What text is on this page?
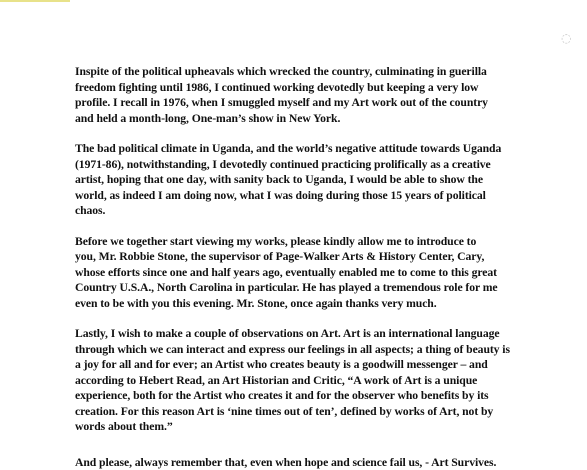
◌
Inspite of the political upheavals which wrecked the country, culminating in guerilla
freedom fighting until 1986, I continued working devotedly but keeping a very low
profile. I recall in 1976, when I smuggled myself and my Art work out of the country
and held a month-long, One-man’s show in New York.
The bad political climate in Uganda, and the world’s negative attitude towards Uganda
(1971-86), notwithstanding, I devotedly continued practicing prolifically as a creative
artist, hoping that one day, with sanity back to Uganda, I would be able to show the
world, as indeed I am doing now, what I was doing during those 15 years of political
chaos.
Before we together start viewing my works, please kindly allow me to introduce to
you, Mr. Robbie Stone, the supervisor of Page-Walker Arts & History Center, Cary,
whose efforts since one and half years ago, eventually enabled me to come to this great
Country U.S.A., North Carolina in particular. He has played a tremendous role for me
even to be with you this evening. Mr. Stone, once again thanks very much.
Lastly, I wish to make a couple of observations on Art. Art is an international language
through which we can interact and express our feelings in all aspects; a thing of beauty is
a joy for all and for ever; an Artist who creates beauty is a goodwill messenger – and
according to Hebert Read, an Art Historian and Critic, “A work of Art is a unique
experience, both for the Artist who creates it and for the observer who benefits by its
creation. For this reason Art is ‘nine times out of ten’, defined by works of Art, not by
words about them.”
And please, always remember that, even when hope and science fail us, - Art Survives.
